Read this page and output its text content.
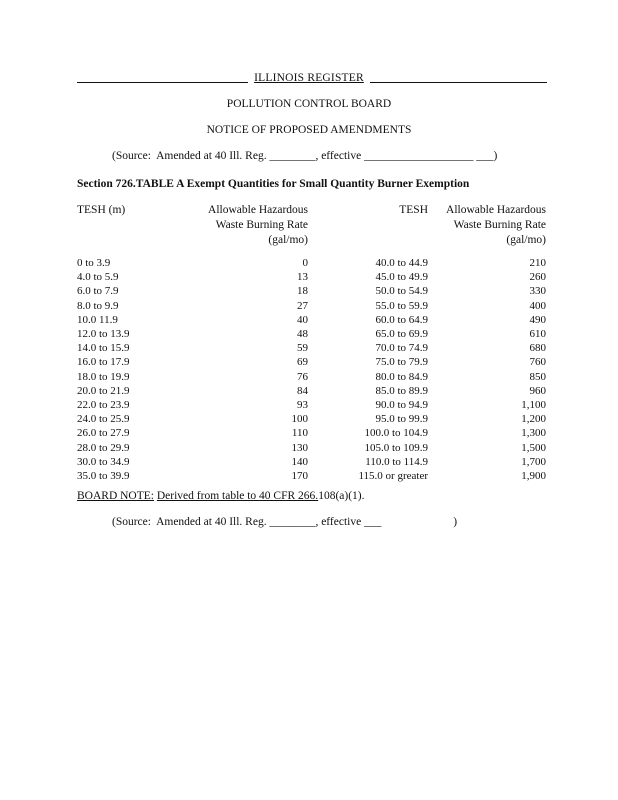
ILLINOIS REGISTER
POLLUTION CONTROL BOARD
NOTICE OF PROPOSED AMENDMENTS
(Source:  Amended at 40 Ill. Reg. ________, effective ___________________ ___)
Section 726.TABLE A Exempt Quantities for Small Quantity Burner Exemption
TESH (m)	Allowable Hazardous
Waste Burning Rate
(gal/mo)
TESH	Allowable Hazardous
Waste Burning Rate
(gal/mo)
0 to 3.9	0	40.0 to 44.9	210
4.0 to 5.9	13	45.0 to 49.9	260
6.0 to 7.9	18	50.0 to 54.9	330
8.0 to 9.9	27	55.0 to 59.9	400
10.0 11.9	40	60.0 to 64.9	490
12.0 to 13.9	48	65.0 to 69.9	610
14.0 to 15.9	59	70.0 to 74.9	680
16.0 to 17.9	69	75.0 to 79.9	760
18.0 to 19.9	76	80.0 to 84.9	850
20.0 to 21.9	84	85.0 to 89.9	960
22.0 to 23.9	93	90.0 to 94.9	1,100
24.0 to 25.9	100	95.0 to 99.9	1,200
26.0 to 27.9	110	100.0 to 104.9	1,300
28.0 to 29.9	130	105.0 to 109.9	1,500
30.0 to 34.9	140	110.0 to 114.9	1,700
35.0 to 39.9	170	115.0 or greater	1,900
BOARD NOTE: Derived from table to 40 CFR 266.108(a)(1).
(Source:  Amended at 40 Ill. Reg. ________, effective ___                         )
